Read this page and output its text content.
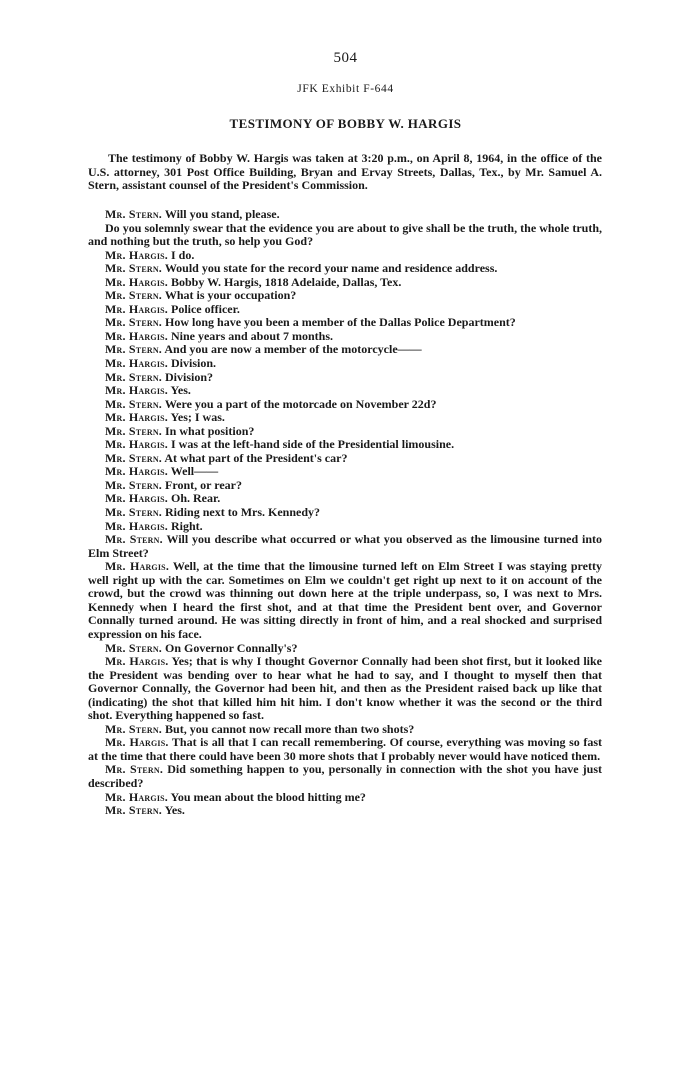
504
JFK Exhibit F-644
TESTIMONY OF BOBBY W. HARGIS

The testimony of Bobby W. Hargis was taken at 3:20 p.m., on April 8, 1964, in the office of the U.S. attorney, 301 Post Office Building, Bryan and Ervay Streets, Dallas, Tex., by Mr. Samuel A. Stern, assistant counsel of the President's Commission.

Mr. Stern. Will you stand, please.

Do you solemnly swear that the evidence you are about to give shall be the truth, the whole truth, and nothing but the truth, so help you God?

Mr. Hargis. I do.

Mr. Stern. Would you state for the record your name and residence address.

Mr. Hargis. Bobby W. Hargis, 1818 Adelaide, Dallas, Tex.

Mr. Stern. What is your occupation?

Mr. Hargis. Police officer.

Mr. Stern. How long have you been a member of the Dallas Police Department?

Mr. Hargis. Nine years and about 7 months.

Mr. Stern. And you are now a member of the motorcycle——

Mr. Hargis. Division.

Mr. Stern. Division?

Mr. Hargis. Yes.

Mr. Stern. Were you a part of the motorcade on November 22d?

Mr. Hargis. Yes; I was.

Mr. Stern. In what position?

Mr. Hargis. I was at the left-hand side of the Presidential limousine.

Mr. Stern. At what part of the President's car?

Mr. Hargis. Well——

Mr. Stern. Front, or rear?

Mr. Hargis. Oh. Rear.

Mr. Stern. Riding next to Mrs. Kennedy?

Mr. Hargis. Right.

Mr. Stern. Will you describe what occurred or what you observed as the limousine turned into Elm Street?

Mr. Hargis. Well, at the time that the limousine turned left on Elm Street I was staying pretty well right up with the car. Sometimes on Elm we couldn't get right up next to it on account of the crowd, but the crowd was thinning out down here at the triple underpass, so, I was next to Mrs. Kennedy when I heard the first shot, and at that time the President bent over, and Governor Connally turned around. He was sitting directly in front of him, and a real shocked and surprised expression on his face.

Mr. Stern. On Governor Connally's?

Mr. Hargis. Yes; that is why I thought Governor Connally had been shot first, but it looked like the President was bending over to hear what he had to say, and I thought to myself then that Governor Connally, the Governor had been hit, and then as the President raised back up like that (indicating) the shot that killed him hit him. I don't know whether it was the second or the third shot. Everything happened so fast.

Mr. Stern. But, you cannot now recall more than two shots?

Mr. Hargis. That is all that I can recall remembering. Of course, everything was moving so fast at the time that there could have been 30 more shots that I probably never would have noticed them.

Mr. Stern. Did something happen to you, personally in connection with the shot you have just described?

Mr. Hargis. You mean about the blood hitting me?

Mr. Stern. Yes.
